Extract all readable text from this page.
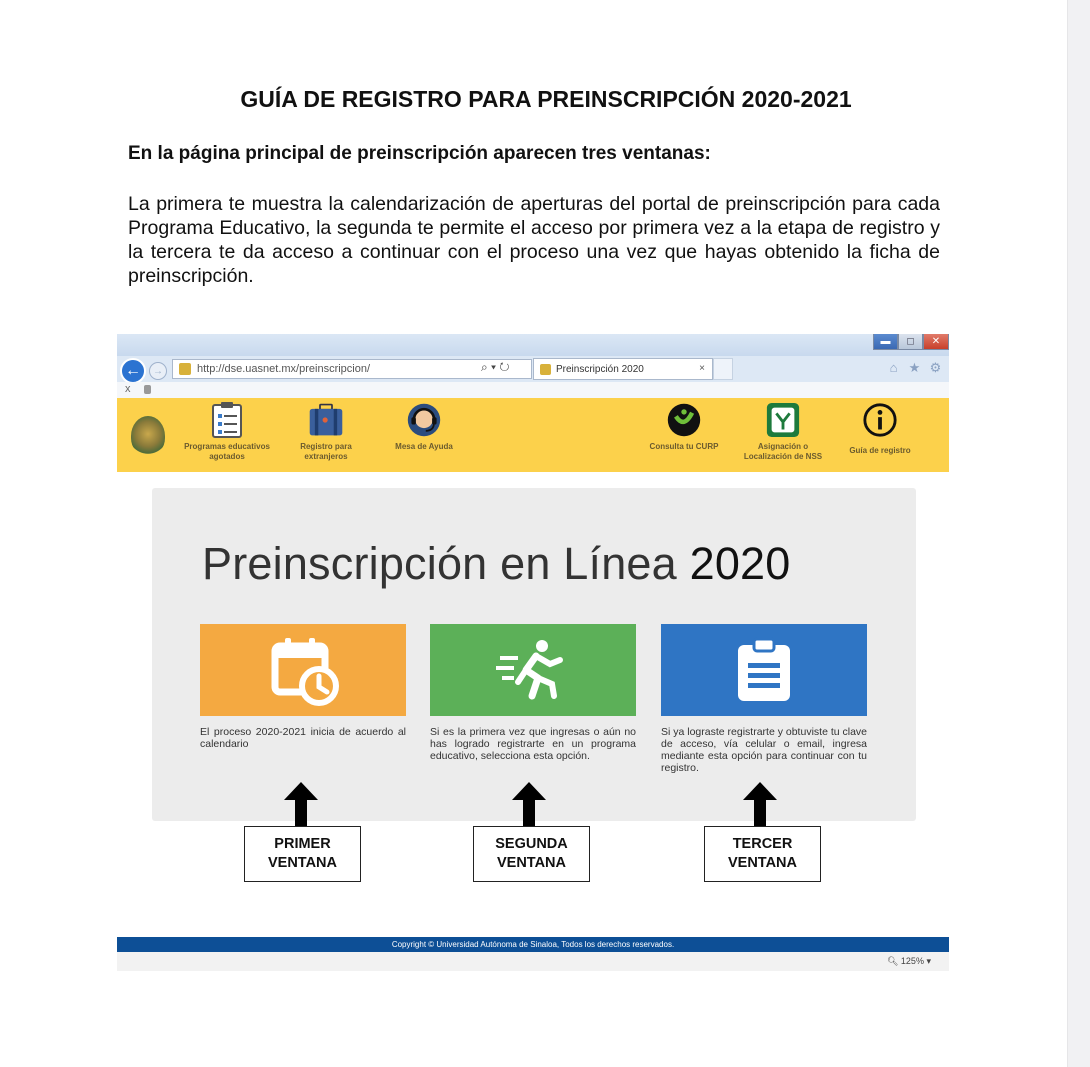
GUÍA DE REGISTRO PARA PREINSCRIPCIÓN 2020-2021
En la página principal de preinscripción aparecen tres ventanas:
La primera te muestra la calendarización de aperturas del portal de preinscripción para cada Programa Educativo, la segunda te permite el acceso por primera vez a la etapa de registro y la tercera te da acceso a continuar con el proceso una vez que hayas obtenido la ficha de preinscripción.
▬	◻	✕
←	→	http://dse.uasnet.mx/preinscripcion/	⌕ ▾ ↻	Preinscripción 2020	×	⌂ ★ ⚙
x
Programas educativos agotados
Registro para extranjeros
Mesa de Ayuda	Consulta tu CURP	Asignación o Localización de NSS
Guía de registro
Preinscripción en Línea 2020
El proceso 2020-2021 inicia de acuerdo al calendario
Si es la primera vez que ingresas o aún no has logrado registrarte en un programa educativo, selecciona esta opción.
Si ya lograste registrarte y obtuviste tu clave de acceso, vía celular o email, ingresa mediante esta opción para continuar con tu registro.
PRIMER
VENTANA
SEGUNDA
VENTANA
TERCER
VENTANA
Copyright © Universidad Autónoma de Sinaloa, Todos los derechos reservados.
🔍︎ 125% ▾
